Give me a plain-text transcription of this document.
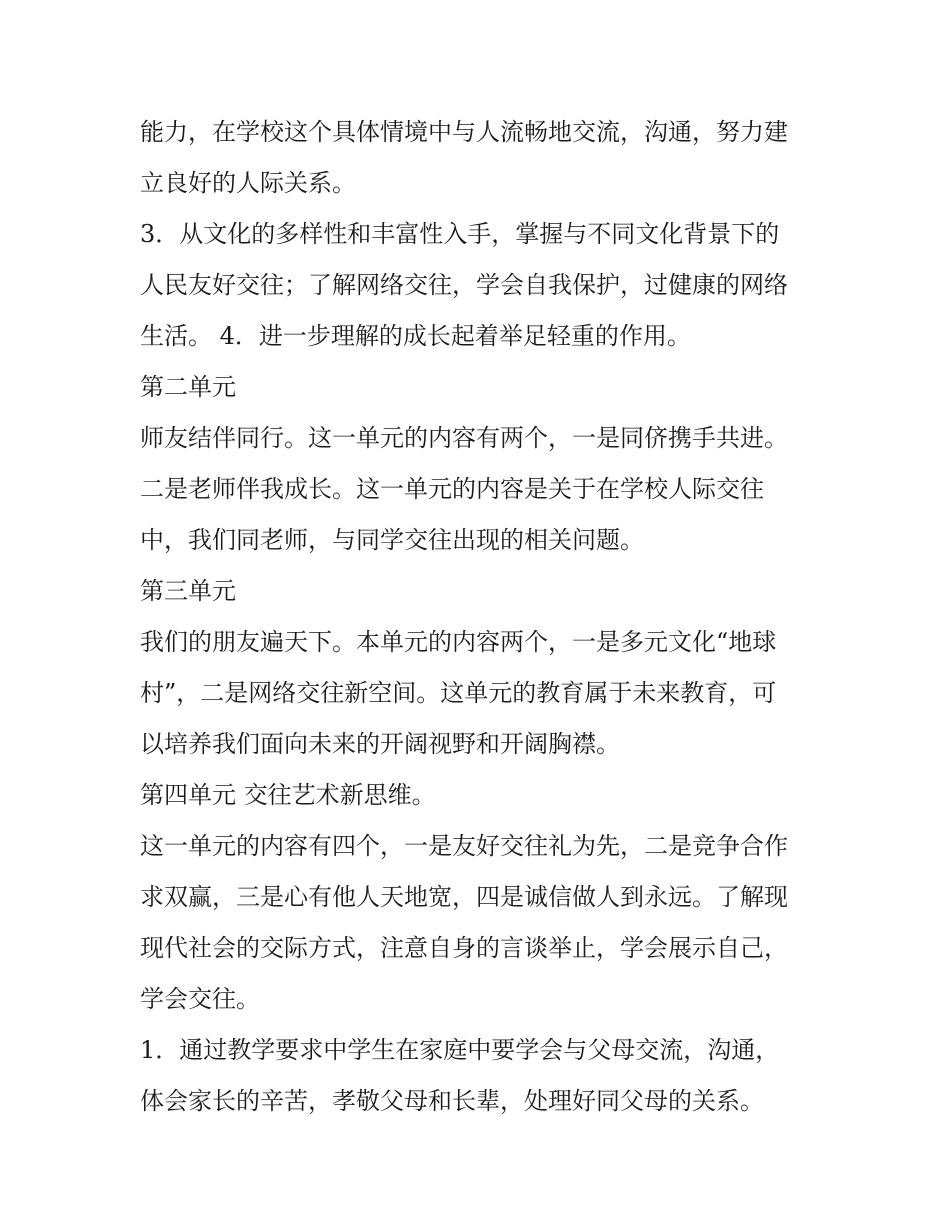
能力，在学校这个具体情境中与人流畅地交流，沟通，努力建
立良好的人际关系。
3．从文化的多样性和丰富性入手，掌握与不同文化背景下的
人民友好交往；了解网络交往，学会自我保护，过健康的网络
生活。 4．进一步理解的成长起着举足轻重的作用。
第二单元
师友结伴同行。这一单元的内容有两个，一是同侪携手共进。
二是老师伴我成长。这一单元的内容是关于在学校人际交往
中，我们同老师，与同学交往出现的相关问题。
第三单元
我们的朋友遍天下。本单元的内容两个，一是多元文化“地球
村”，二是网络交往新空间。这单元的教育属于未来教育，可
以培养我们面向未来的开阔视野和开阔胸襟。
第四单元 交往艺术新思维。
这一单元的内容有四个，一是友好交往礼为先，二是竞争合作
求双赢，三是心有他人天地宽，四是诚信做人到永远。了解现
现代社会的交际方式，注意自身的言谈举止，学会展示自己，
学会交往。
1．通过教学要求中学生在家庭中要学会与父母交流，沟通，
体会家长的辛苦，孝敬父母和长辈，处理好同父母的关系。
